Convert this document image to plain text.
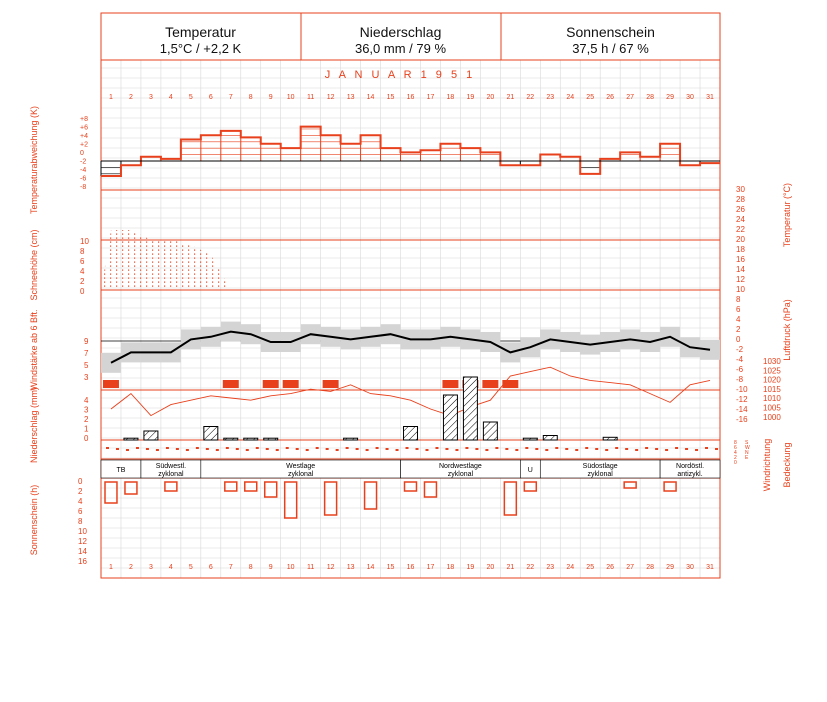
Temperatur
1,5°C / +2,2 K
Niederschlag
36,0 mm / 79 %
Sonnenschein
37,5 h / 67 %
J A N U A R 1 9 5 1
1 2 3 4 5 6 7 8 9 10 11 12 13 14 15 16 17 18 19 20 21 22 23 24 25 26 27 28 29 30 31
TB
Südwestl.
zyklonal
Westlage
zyklonal
Nordwestlage
zyklonal
U
Südostlage
zyklonal
Nordöstl.
antizykl.
1 2 3 4 5 6 7 8 9 10 11 12 13 14 15 16 17 18 19 20 21 22 23 24 25 26 27 28 29 30 31
+8
+6
+4
+2
0
-2
-4
-6
-8
10
8
6
4
2
0
9
7
5
3
4
3
2
1
0
0
2
4
6
8
10
12
14
16
30
28
26
24
22
20
18
16
14
12
10
8
6
4
2
0
-2
-4
-6
-8
-10
-12
-14
-16
1030
1025
1020
1015
1010
1005
1000
S
W
N
E
8
6
4
2
0
Temperaturabweichung (K)
Schneehöhe (cm)
Windstärke ab 6 Bft.
Niederschlag (mm)
Sonnenschein (h)
Temperatur (°C)
Luftdruck (hPa)
Windrichtung Bedeckung
